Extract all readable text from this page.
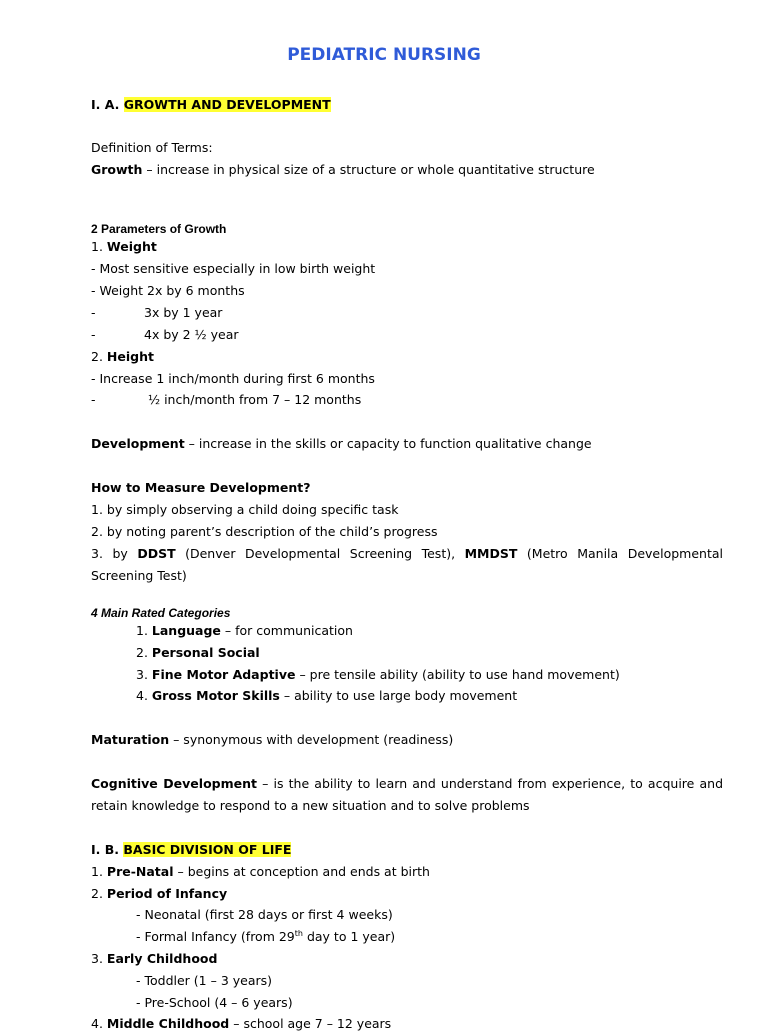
PEDIATRIC NURSING
I. A. GROWTH AND DEVELOPMENT
Definition of Terms:
Growth – increase in physical size of a structure or whole quantitative structure
2 Parameters of Growth
1. Weight
- Most sensitive especially in low birth weight
- Weight 2x by 6 months
-	3x by 1 year
-	4x by 2 ½ year
2. Height
- Increase 1 inch/month during first 6 months
-	½ inch/month from 7 – 12 months
Development – increase in the skills or capacity to function qualitative change
How to Measure Development?
1. by simply observing a child doing specific task
2. by noting parent’s description of the child’s progress
3. by DDST (Denver Developmental Screening Test), MMDST (Metro Manila Developmental
Screening Test)
4 Main Rated Categories
1. Language – for communication
2. Personal Social
3. Fine Motor Adaptive – pre tensile ability (ability to use hand movement)
4. Gross Motor Skills – ability to use large body movement
Maturation – synonymous with development (readiness)
Cognitive Development – is the ability to learn and understand from experience, to acquire and
retain knowledge to respond to a new situation and to solve problems
I. B. BASIC DIVISION OF LIFE
1. Pre-Natal – begins at conception and ends at birth
2. Period of Infancy
- Neonatal (first 28 days or first 4 weeks)
- Formal Infancy (from 29th day to 1 year)
3. Early Childhood
- Toddler (1 – 3 years)
- Pre-School (4 – 6 years)
4. Middle Childhood – school age 7 – 12 years
